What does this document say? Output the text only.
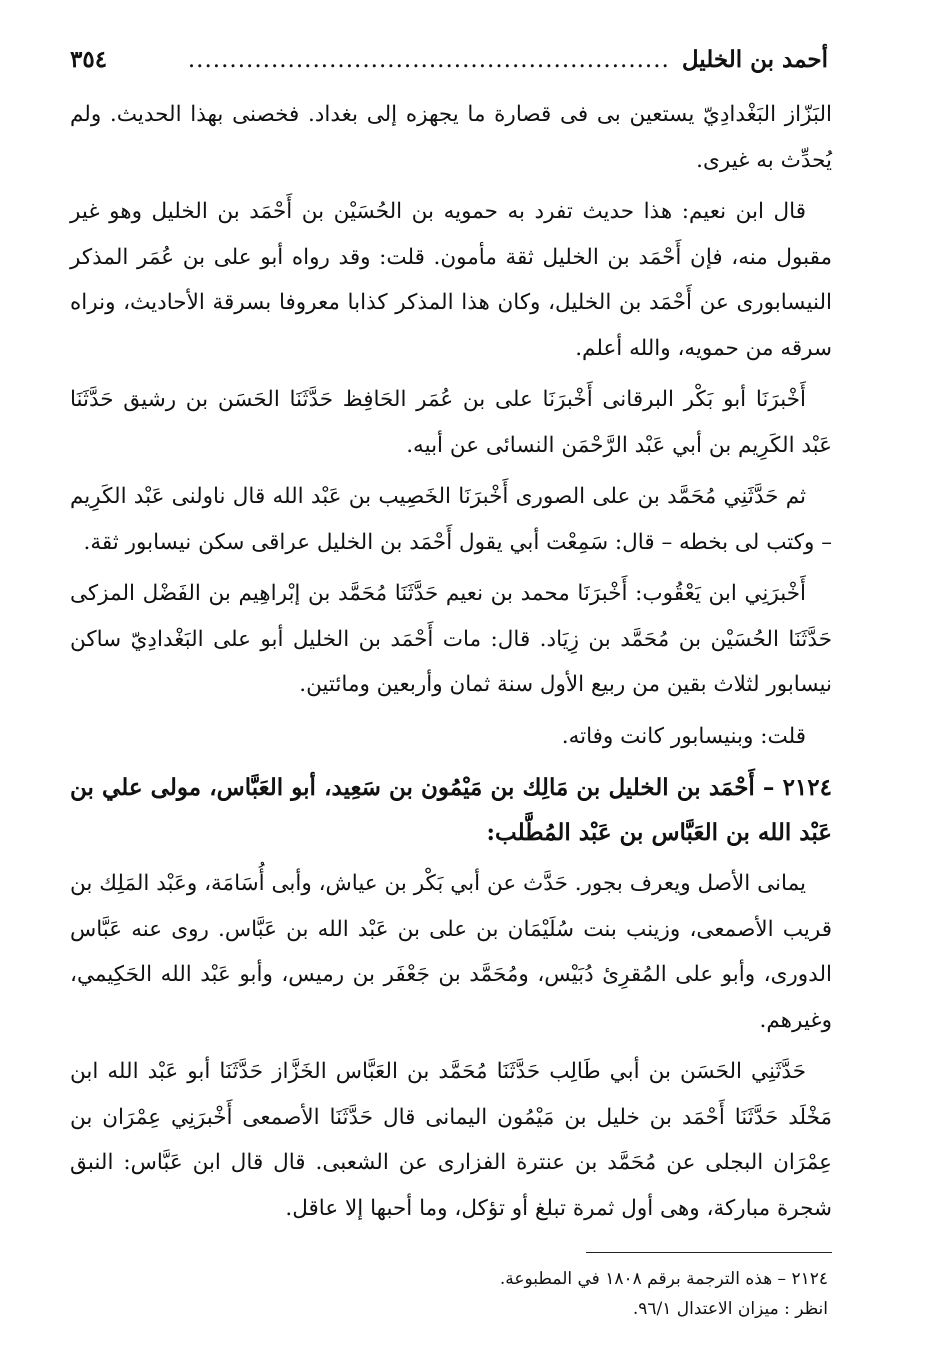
أحمد بن الخليل
..........................................................
٣٥٤

البَزّاز البَغْدادِيّ يستعين بى فى قصارة ما يجهزه إلى بغداد. فخصنى بهذا الحديث. ولم يُحدِّث به غيرى.

قال ابن نعيم: هذا حديث تفرد به حمويه بن الحُسَيْن بن أَحْمَد بن الخليل وهو غير مقبول منه، فإن أَحْمَد بن الخليل ثقة مأمون. قلت: وقد رواه أبو على بن عُمَر المذكر النيسابورى عن أَحْمَد بن الخليل، وكان هذا المذكر كذابا معروفا بسرقة الأحاديث، ونراه سرقه من حمويه، والله أعلم.

أَخْبرَنَا أبو بَكْر البرقانى أَخْبرَنَا على بن عُمَر الحَافِظ حَدَّثَنَا الحَسَن بن رشيق حَدَّثَنَا عَبْد الكَرِيم بن أبي عَبْد الرَّحْمَن النسائى عن أبيه.

ثم حَدَّثَنِي مُحَمَّد بن على الصورى أَخْبرَنَا الخَصِيب بن عَبْد الله قال ناولنى عَبْد الكَرِيم – وكتب لى بخطه – قال: سَمِعْت أبي يقول أَحْمَد بن الخليل عراقى سكن نيسابور ثقة.

أَخْبرَنِي ابن يَعْقُوب: أَخْبرَنَا محمد بن نعيم حَدَّثَنَا مُحَمَّد بن إبْراهِيم بن الفَضْل المزكى حَدَّثَنَا الحُسَيْن بن مُحَمَّد بن زِيَاد. قال: مات أَحْمَد بن الخليل أبو على البَغْدادِيّ ساكن نيسابور لثلاث بقين من ربيع الأول سنة ثمان وأربعين ومائتين.

قلت: وبنيسابور كانت وفاته.

٢١٢٤ – أَحْمَد بن الخليل بن مَالِك بن مَيْمُون بن سَعِيد، أبو العَبَّاس، مولى علي بن عَبْد الله بن العَبَّاس بن عَبْد المُطَّلب:

يمانى الأصل ويعرف بجور. حَدَّث عن أبي بَكْر بن عياش، وأبى أُسَامَة، وعَبْد المَلِك بن قريب الأصمعى، وزينب بنت سُلَيْمَان بن على بن عَبْد الله بن عَبَّاس. روى عنه عَبَّاس الدورى، وأبو على المُقرِئ دُبَيْس، ومُحَمَّد بن جَعْفَر بن رميس، وأبو عَبْد الله الحَكِيمي، وغيرهم.

حَدَّثَنِي الحَسَن بن أبي طَالِب حَدَّثَنَا مُحَمَّد بن العَبَّاس الخَزَّاز حَدَّثَنَا أبو عَبْد الله ابن مَخْلَد حَدَّثَنَا أَحْمَد بن خليل بن مَيْمُون اليمانى قال حَدَّثَنَا الأصمعى أَخْبرَنِي عِمْرَان بن عِمْرَان البجلى عن مُحَمَّد بن عنترة الفزارى عن الشعبى. قال قال ابن عَبَّاس: النبق شجرة مباركة، وهى أول ثمرة تبلغ أو تؤكل، وما أحبها إلا عاقل.

٢١٢٤ – هذه الترجمة برقم ١٨٠٨ في المطبوعة.

انظر : ميزان الاعتدال ٩٦/١.
